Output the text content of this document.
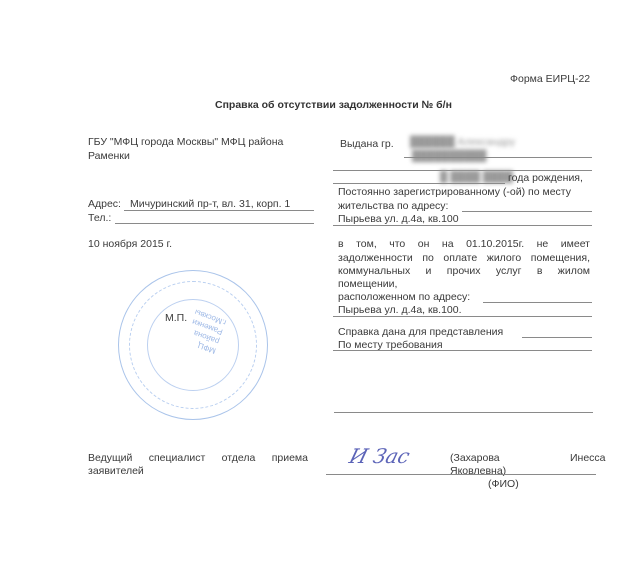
Форма ЕИРЦ-22
Справка об отсутствии задолженности № б/н
ГБУ "МФЦ города Москвы" МФЦ района
Раменки
Адрес: Мичуринский пр-т, вл. 31, корп. 1
Тел.:
10 ноября 2015 г.
МФЦ
района
Раменки
г.Москвы
М.П.
Выдана гр. ██████ Александру
██████████
█ ████ ████
года рождения,
Постоянно зарегистрированному (-ой) по месту
жительства по адресу:
Пырьева ул. д.4а, кв.100
в том, что он на 01.10.2015г. не имеет
задолженности по оплате жилого помещения,
коммунальных и прочих услуг в жилом
помещении,
расположенном по адресу:
Пырьева ул. д.4а, кв.100.
Справка дана для представления
По месту требования
Ведущий специалист отдела приема
заявителей
И Зас	(Захарова	Инесса
Яковлевна)
(ФИО)
